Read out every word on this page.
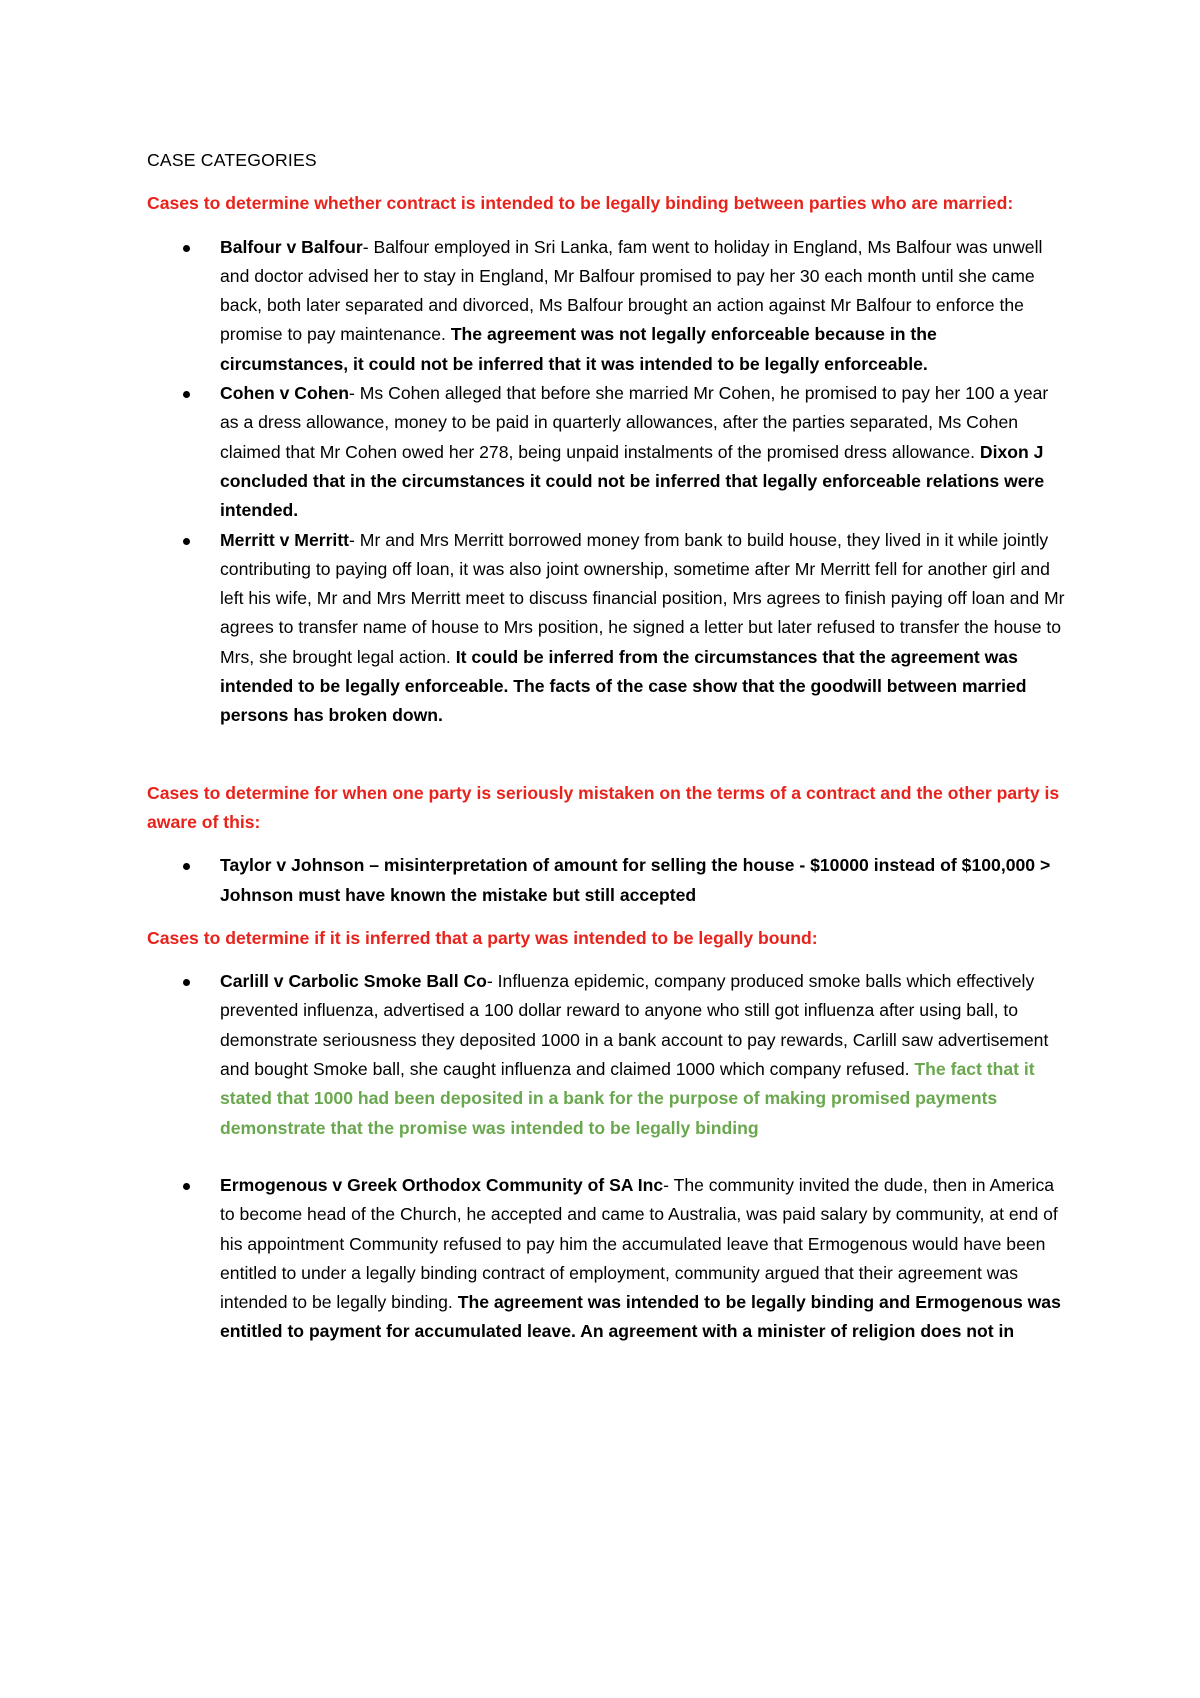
CASE CATEGORIES

Cases to determine whether contract is intended to be legally binding between parties who are married:

Balfour v Balfour- Balfour employed in Sri Lanka, fam went to holiday in England, Ms Balfour was unwell and doctor advised her to stay in England, Mr Balfour promised to pay her 30 each month until she came back, both later separated and divorced, Ms Balfour brought an action against Mr Balfour to enforce the promise to pay maintenance. The agreement was not legally enforceable because in the circumstances, it could not be inferred that it was intended to be legally enforceable.
Cohen v Cohen- Ms Cohen alleged that before she married Mr Cohen, he promised to pay her 100 a year as a dress allowance, money to be paid in quarterly allowances, after the parties separated, Ms Cohen claimed that Mr Cohen owed her 278, being unpaid instalments of the promised dress allowance. Dixon J concluded that in the circumstances it could not be inferred that legally enforceable relations were intended.
Merritt v Merritt- Mr and Mrs Merritt borrowed money from bank to build house, they lived in it while jointly contributing to paying off loan, it was also joint ownership, sometime after Mr Merritt fell for another girl and left his wife, Mr and Mrs Merritt meet to discuss financial position, Mrs agrees to finish paying off loan and Mr agrees to transfer name of house to Mrs position, he signed a letter but later refused to transfer the house to Mrs, she brought legal action. It could be inferred from the circumstances that the agreement was intended to be legally enforceable. The facts of the case show that the goodwill between married persons has broken down.

Cases to determine for when one party is seriously mistaken on the terms of a contract and the other party is aware of this:

Taylor v Johnson – misinterpretation of amount for selling the house - $10000 instead of $100,000 > Johnson must have known the mistake but still accepted

Cases to determine if it is inferred that a party was intended to be legally bound:

Carlill v Carbolic Smoke Ball Co- Influenza epidemic, company produced smoke balls which effectively prevented influenza, advertised a 100 dollar reward to anyone who still got influenza after using ball, to demonstrate seriousness they deposited 1000 in a bank account to pay rewards, Carlill saw advertisement and bought Smoke ball, she caught influenza and claimed 1000 which company refused. The fact that it stated that 1000 had been deposited in a bank for the purpose of making promised payments demonstrate that the promise was intended to be legally binding
Ermogenous v Greek Orthodox Community of SA Inc- The community invited the dude, then in America to become head of the Church, he accepted and came to Australia, was paid salary by community, at end of his appointment Community refused to pay him the accumulated leave that Ermogenous would have been entitled to under a legally binding contract of employment, community argued that their agreement was intended to be legally binding. The agreement was intended to be legally binding and Ermogenous was entitled to payment for accumulated leave. An agreement with a minister of religion does not in
